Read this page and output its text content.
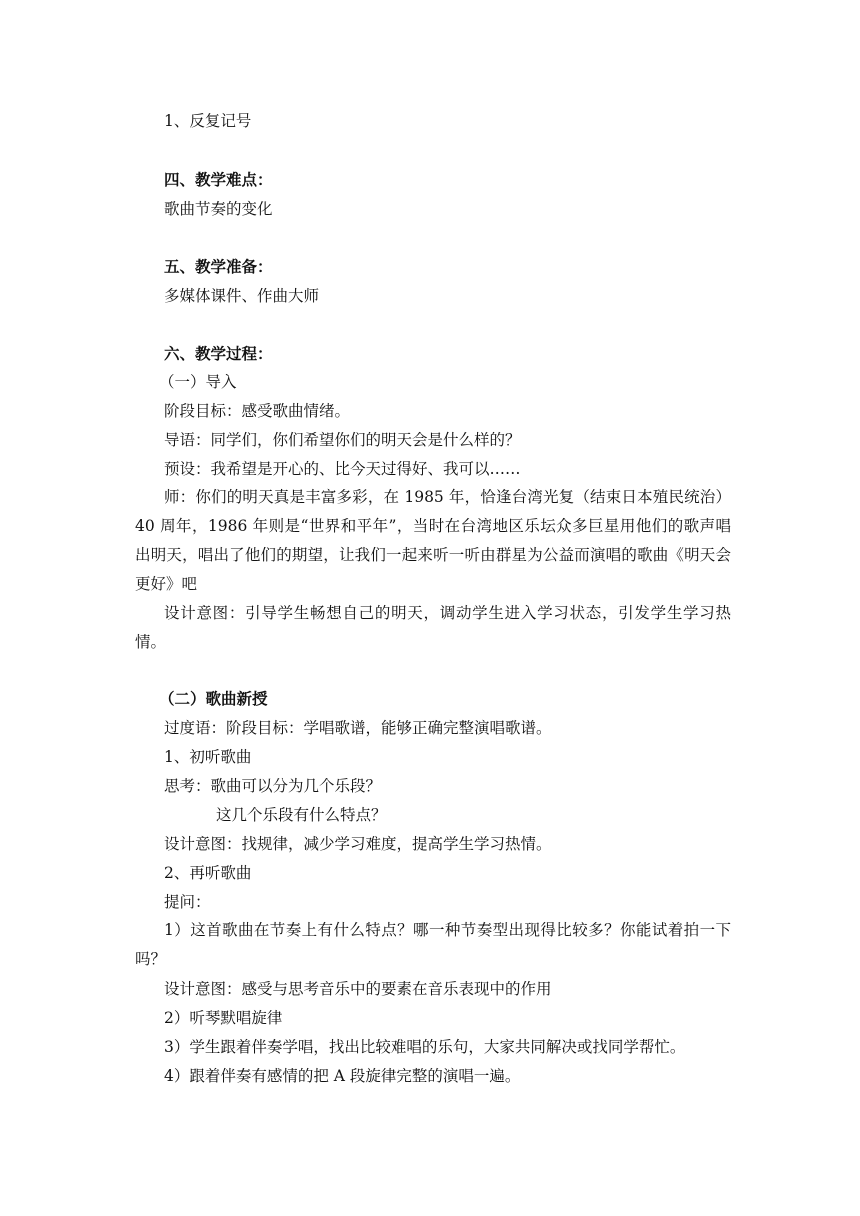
1、反复记号
四、教学难点：
歌曲节奏的变化
五、教学准备：
多媒体课件、作曲大师
六、教学过程：
（一）导入
阶段目标：感受歌曲情绪。
导语：同学们，你们希望你们的明天会是什么样的？
预设：我希望是开心的、比今天过得好、我可以……
师：你们的明天真是丰富多彩，在 1985 年，恰逢台湾光复（结束日本殖民统治）40 周年，1986 年则是“世界和平年”，当时在台湾地区乐坛众多巨星用他们的歌声唱出明天，唱出了他们的期望，让我们一起来听一听由群星为公益而演唱的歌曲《明天会更好》吧
设计意图：引导学生畅想自己的明天，调动学生进入学习状态，引发学生学习热情。
（二）歌曲新授
过度语：阶段目标：学唱歌谱，能够正确完整演唱歌谱。
1、初听歌曲
思考：歌曲可以分为几个乐段？
这几个乐段有什么特点？
设计意图：找规律，减少学习难度，提高学生学习热情。
2、再听歌曲
提问：
1）这首歌曲在节奏上有什么特点？哪一种节奏型出现得比较多？你能试着拍一下吗？
设计意图：感受与思考音乐中的要素在音乐表现中的作用
2）听琴默唱旋律
3）学生跟着伴奏学唱，找出比较难唱的乐句，大家共同解决或找同学帮忙。
4）跟着伴奏有感情的把 A 段旋律完整的演唱一遍。
